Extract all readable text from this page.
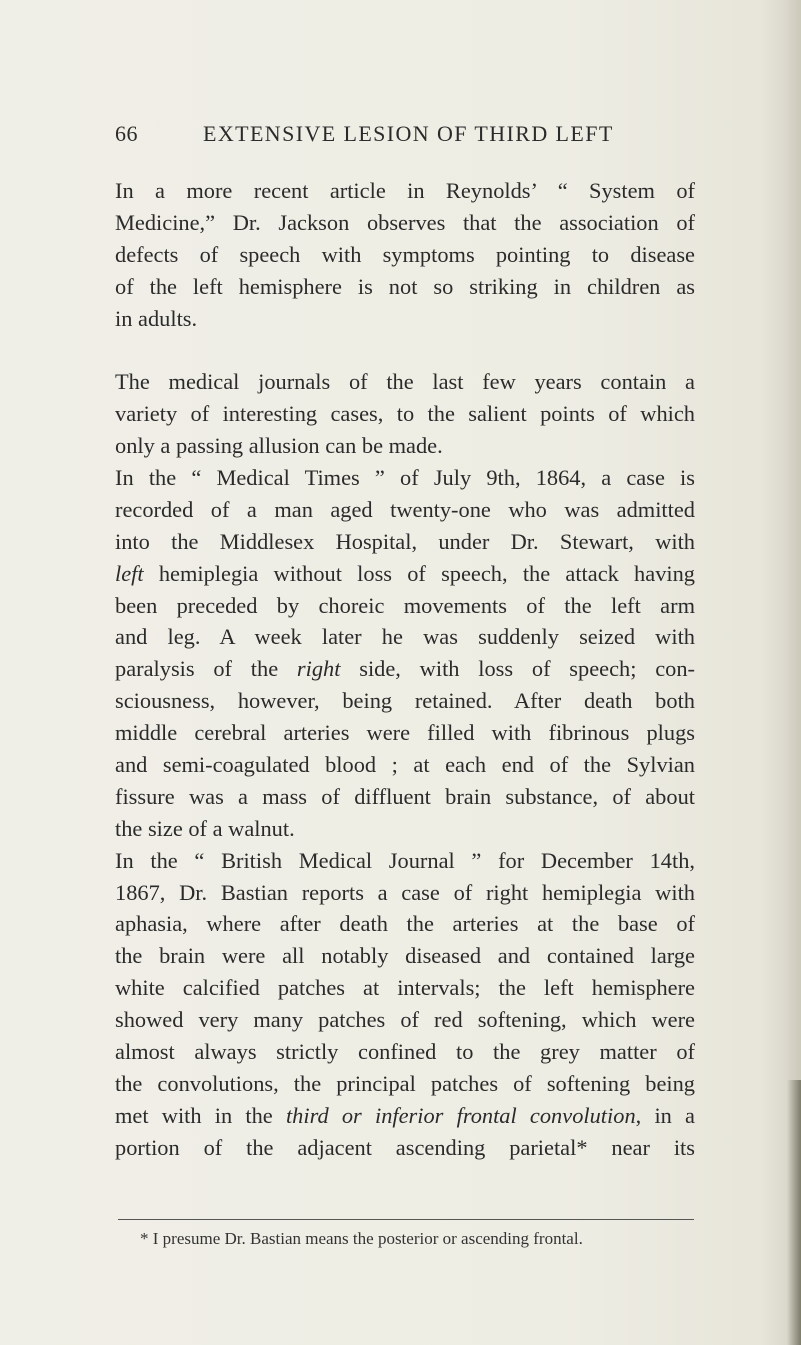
66	EXTENSIVE LESION OF THIRD LEFT

In a more recent article in Reynolds’ “ System of
Medicine,” Dr. Jackson observes that the association of
defects of speech with symptoms pointing to disease
of the left hemisphere is not so striking in children as
in adults.

The medical journals of the last few years contain a
variety of interesting cases, to the salient points of which
only a passing allusion can be made.

In the “ Medical Times ” of July 9th, 1864, a case is
recorded of a man aged twenty-one who was admitted
into the Middlesex Hospital, under Dr. Stewart, with
left hemiplegia without loss of speech, the attack having
been preceded by choreic movements of the left arm
and leg. A week later he was suddenly seized with
paralysis of the right side, with loss of speech; con-
sciousness, however, being retained. After death both
middle cerebral arteries were filled with fibrinous plugs
and semi-coagulated blood ; at each end of the Sylvian
fissure was a mass of diffluent brain substance, of about
the size of a walnut.

In the “ British Medical Journal ” for December 14th,
1867, Dr. Bastian reports a case of right hemiplegia with
aphasia, where after death the arteries at the base of
the brain were all notably diseased and contained large
white calcified patches at intervals; the left hemisphere
showed very many patches of red softening, which were
almost always strictly confined to the grey matter of
the convolutions, the principal patches of softening being
met with in the third or inferior frontal convolution, in a
portion of the adjacent ascending parietal* near its

* I presume Dr. Bastian means the posterior or ascending frontal.
